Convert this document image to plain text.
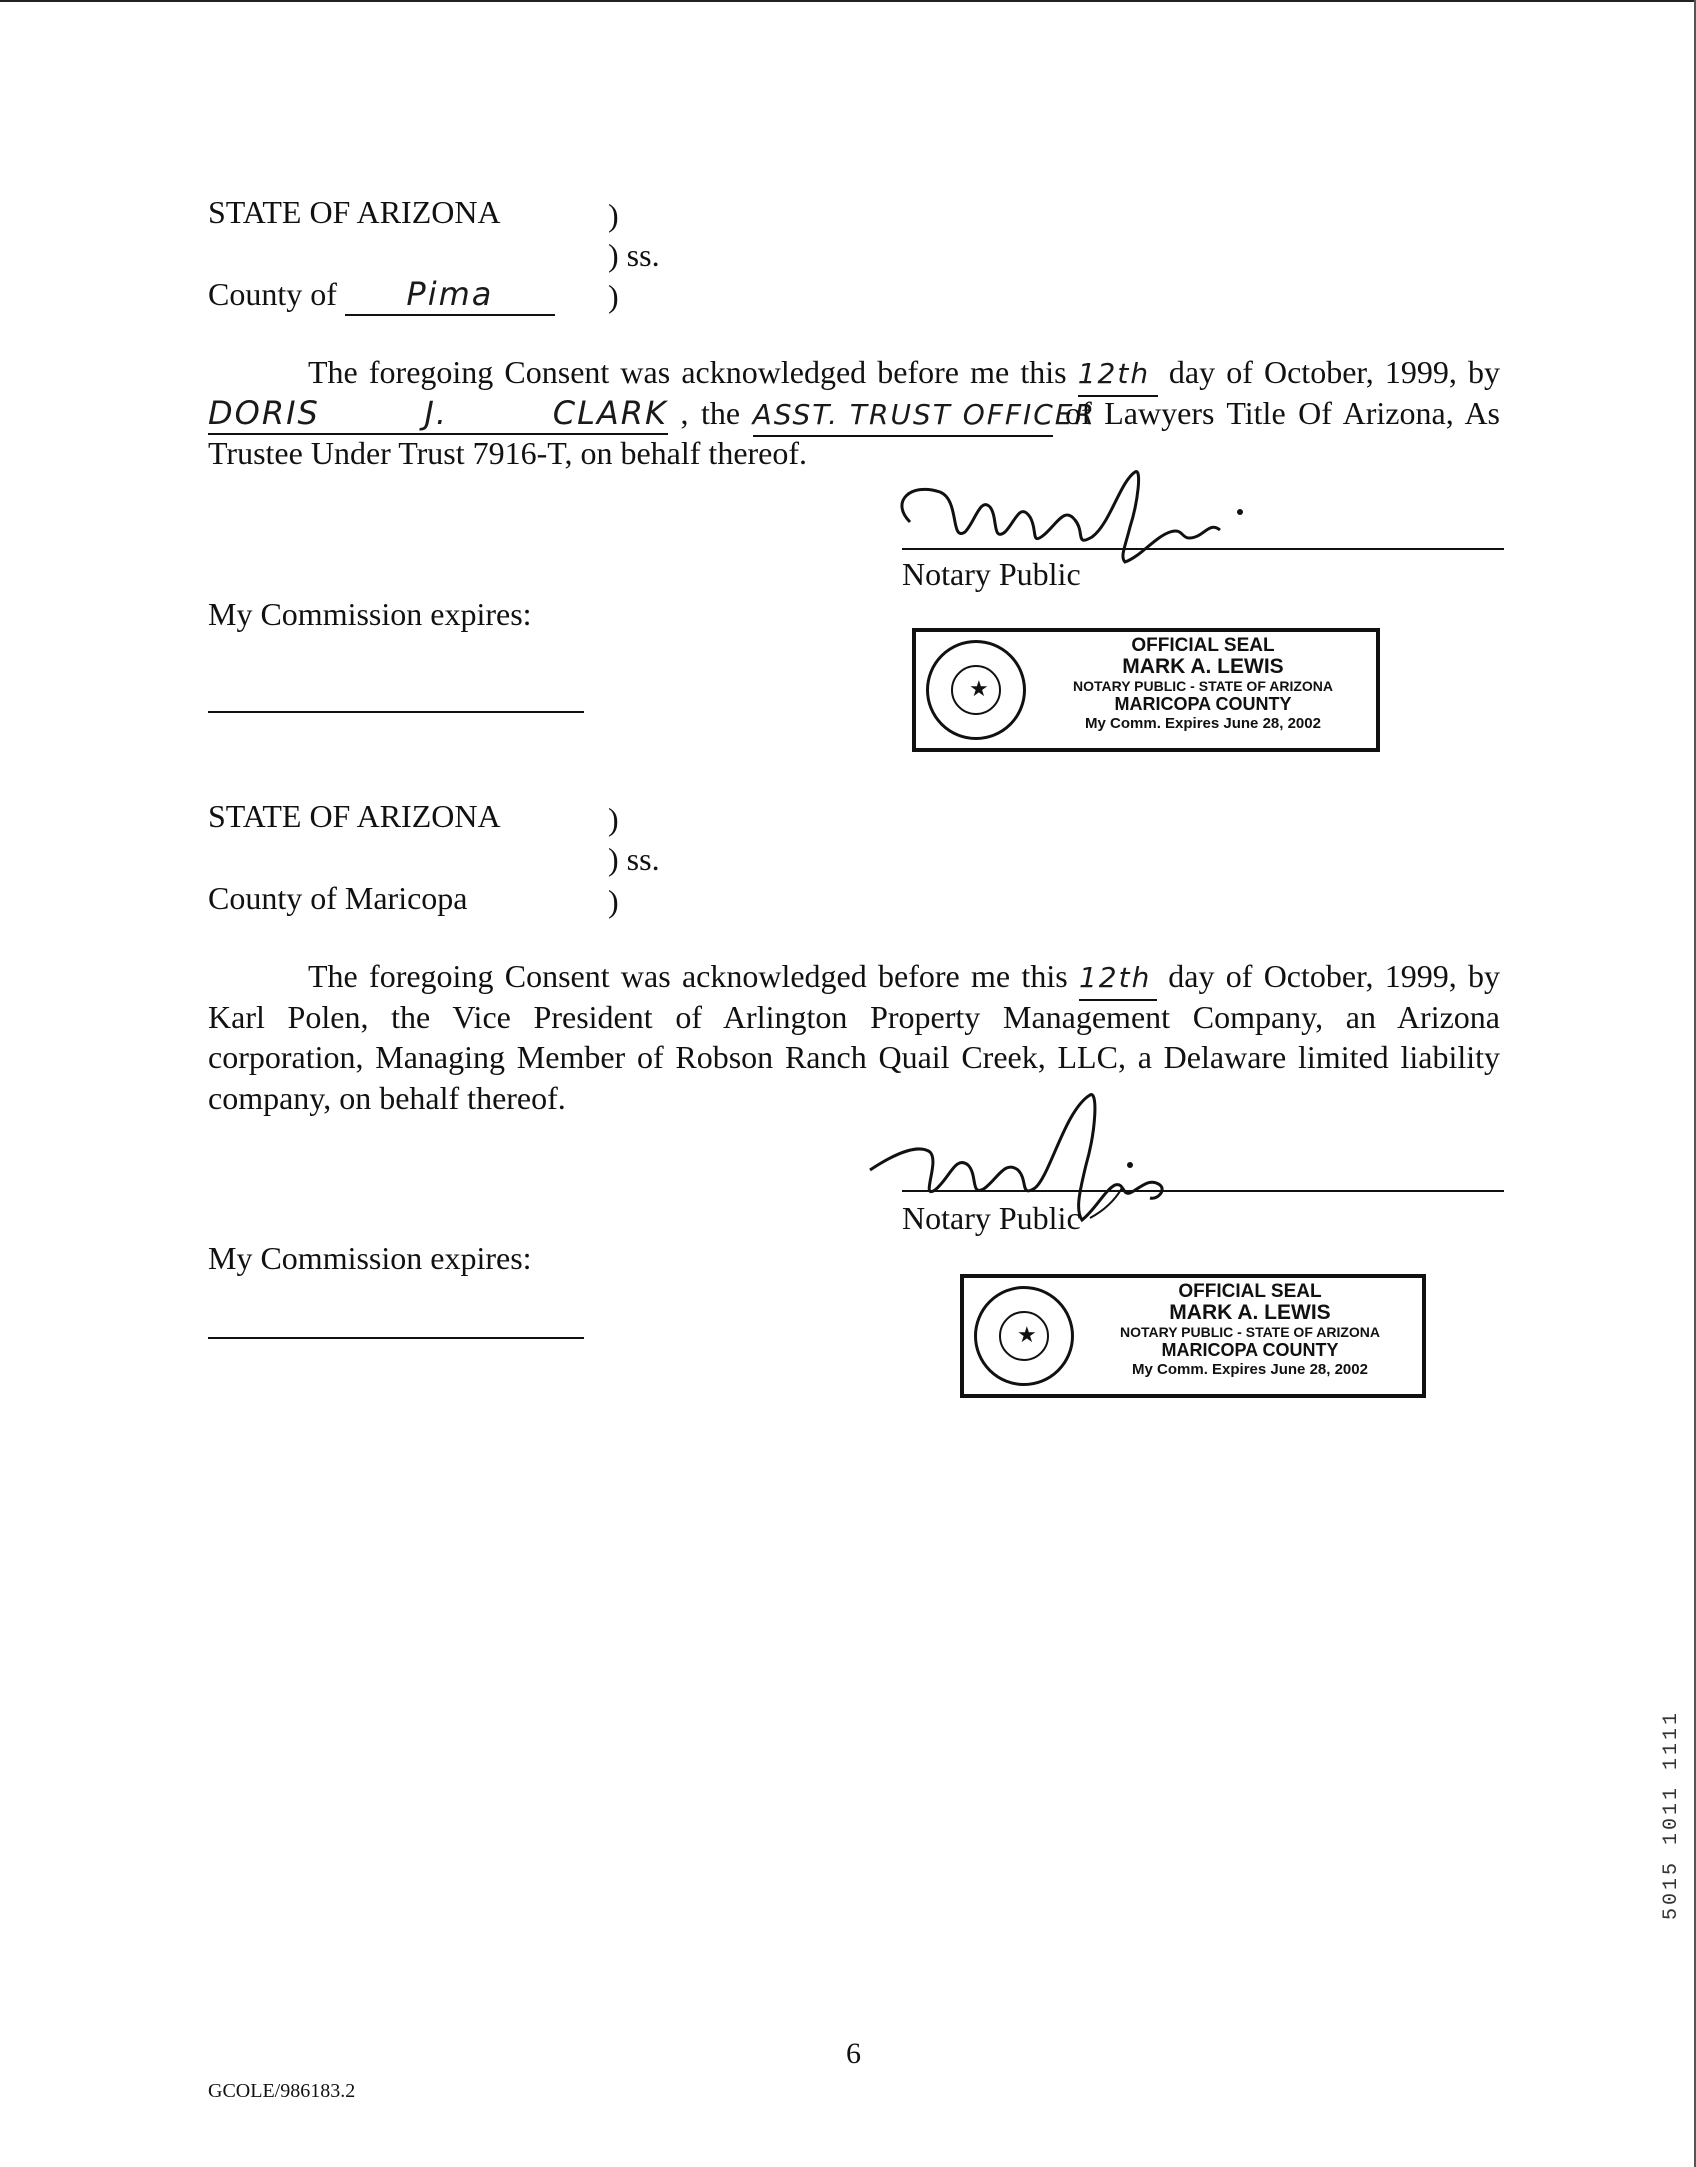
STATE OF ARIZONA	)
) ss.
County of Pima	)
The foregoing Consent was acknowledged before me this 12th day of October, 1999, by
DORIS J. CLARK , the ASST. TRUST OFFICER of Lawyers Title Of Arizona, As
Trustee Under Trust 7916-T, on behalf thereof.
Notary Public
My Commission expires:
★
OFFICIAL SEAL
MARK A. LEWIS
NOTARY PUBLIC - STATE OF ARIZONA
MARICOPA COUNTY
My Comm. Expires June 28, 2002
STATE OF ARIZONA	)
) ss.
County of Maricopa	)
The foregoing Consent was acknowledged before me this 12th day of October, 1999, by
Karl Polen, the Vice President of Arlington Property Management Company, an Arizona
corporation, Managing Member of Robson Ranch Quail Creek, LLC, a Delaware limited liability
company, on behalf thereof.
Notary Public
My Commission expires:
★
OFFICIAL SEAL
MARK A. LEWIS
NOTARY PUBLIC - STATE OF ARIZONA
MARICOPA COUNTY
My Comm. Expires June 28, 2002
5015 1011 1111
6
GCOLE/986183.2
